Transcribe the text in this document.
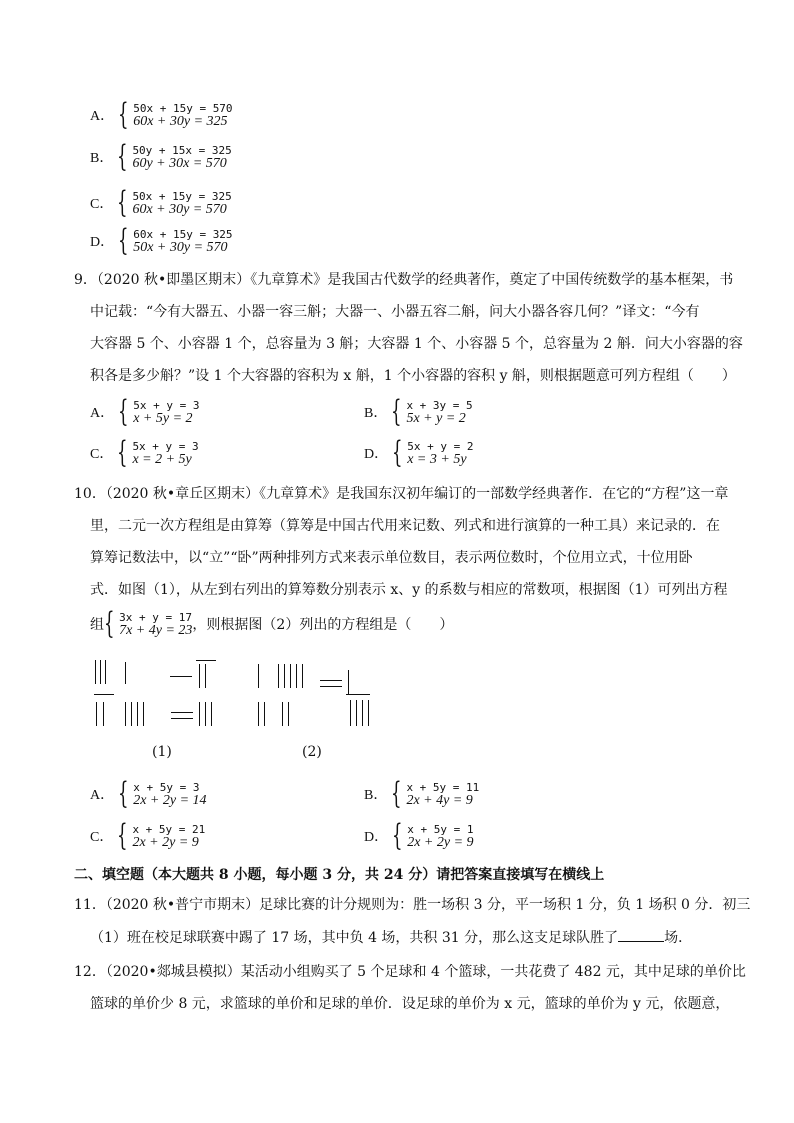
A． { 50x + 15y = 570
60x + 30y = 325
B． { 50y + 15x = 325
60y + 30x = 570
C． { 50x + 15y = 325
60x + 30y = 570
D． { 60x + 15y = 325
50x + 30y = 570
9．（2020 秋•即墨区期末）《九章算术》是我国古代数学的经典著作，奠定了中国传统数学的基本框架，书
中记载：“今有大器五、小器一容三斛；大器一、小器五容二斛，问大小器各容几何？”译文：“今有
大容器 5 个、小容器 1 个，总容量为 3 斛；大容器 1 个、小容器 5 个，总容量为 2 斛．问大小容器的容
积各是多少斛？”设 1 个大容器的容积为 x 斛，1 个小容器的容积 y 斛，则根据题意可列方程组（　　）
A． { 5x + y = 3
x + 5y = 2	B． { x + 3y = 5
5x + y = 2
C． { 5x + y = 3
x = 2 + 5y	D． { 5x + y = 2
x = 3 + 5y
10．（2020 秋•章丘区期末）《九章算术》是我国东汉初年编订的一部数学经典著作．在它的“方程”这一章
里，二元一次方程组是由算筹（算筹是中国古代用来记数、列式和进行演算的一种工具）来记录的．在
算筹记数法中，以“立”“卧”两种排列方式来表示单位数目，表示两位数时，个位用立式，十位用卧
式．如图（1），从左到右列出的算筹数分别表示 x、y 的系数与相应的常数项，根据图（1）可列出方程
组 { 3x + y = 17
7x + 4y = 23 ，则根据图（2）列出的方程组是（　　）
(1)	(2)
A． { x + 5y = 3
2x + 2y = 14	B． { x + 5y = 11
2x + 4y = 9
C． { x + 5y = 21
2x + 2y = 9	D． { x + 5y = 1
2x + 2y = 9
二、填空题（本大题共 8 小题，每小题 3 分，共 24 分）请把答案直接填写在横线上
11．（2020 秋•普宁市期末）足球比赛的计分规则为：胜一场积 3 分，平一场积 1 分，负 1 场积 0 分．初三
（1）班在校足球联赛中踢了 17 场，其中负 4 场，共积 31 分，那么这支足球队胜了	场．
12．（2020•郯城县模拟）某活动小组购买了 5 个足球和 4 个篮球，一共花费了 482 元，其中足球的单价比
篮球的单价少 8 元，求篮球的单价和足球的单价．设足球的单价为 x 元，篮球的单价为 y 元，依题意，
